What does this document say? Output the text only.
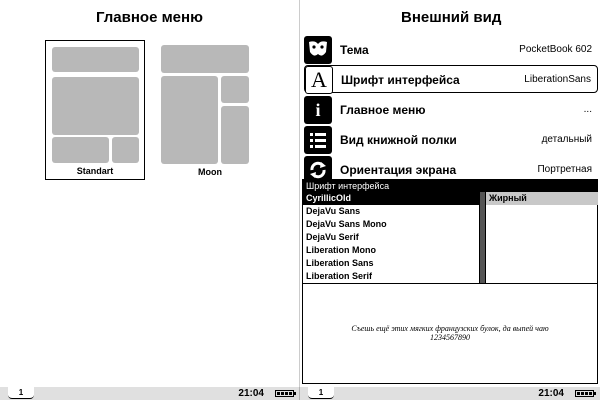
Главное меню
Standart	Moon
1	21:04
Внешний вид
Тема	PocketBook 602
A	Шрифт интерфейса	LiberationSans
i	Главное меню	...
Вид книжной полки	детальный
Ориентация экрана	Портретная
Шрифт интерфейса
CyrillicOld
DejaVu Sans
DejaVu Sans Mono
DejaVu Serif
Liberation Mono
Liberation Sans
Liberation Serif
Жирный
Съешь ещё этих мягких французских булок, да выпей чаю
1234567890
1	21:04
